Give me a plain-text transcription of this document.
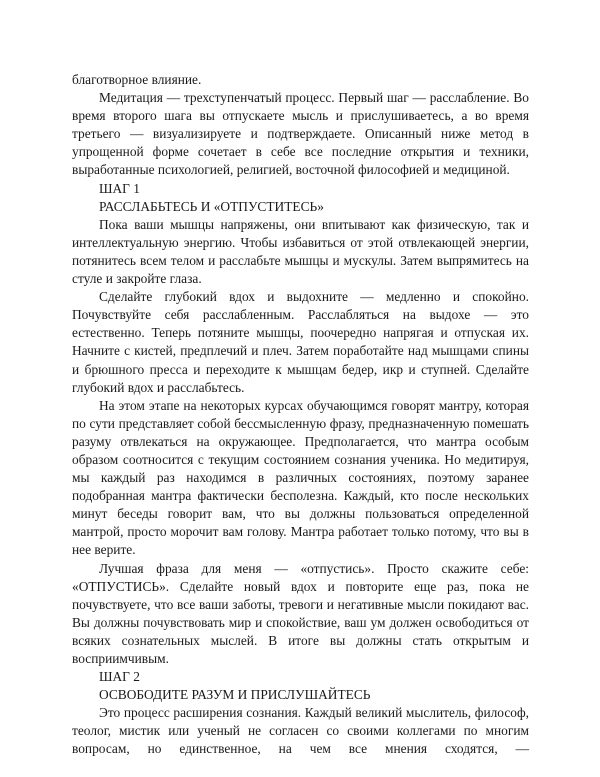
благотворное влияние.

Медитация — трехступенчатый процесс. Первый шаг — расслабление. Во время второго шага вы отпускаете мысль и прислушиваетесь, а во время третьего — визуализируете и подтверждаете. Описанный ниже метод в упрощенной форме сочетает в себе все последние открытия и техники, выработанные психологией, религией, восточной философией и медициной.

ШАГ 1

РАССЛАБЬТЕСЬ И «ОТПУСТИТЕСЬ»

Пока ваши мышцы напряжены, они впитывают как физическую, так и интеллектуальную энергию. Чтобы избавиться от этой отвлекающей энергии, потянитесь всем телом и расслабьте мышцы и мускулы. Затем выпрямитесь на стуле и закройте глаза.

Сделайте глубокий вдох и выдохните — медленно и спокойно. Почувствуйте себя расслабленным. Расслабляться на выдохе — это естественно. Теперь потяните мышцы, поочередно напрягая и отпуская их. Начните с кистей, предплечий и плеч. Затем поработайте над мышцами спины и брюшного пресса и переходите к мышцам бедер, икр и ступней. Сделайте глубокий вдох и расслабьтесь.

На этом этапе на некоторых курсах обучающимся говорят мантру, которая по сути представляет собой бессмысленную фразу, предназначенную помешать разуму отвлекаться на окружающее. Предполагается, что мантра особым образом соотносится с текущим состоянием сознания ученика. Но медитируя, мы каждый раз находимся в различных состояниях, поэтому заранее подобранная мантра фактически бесполезна. Каждый, кто после нескольких минут беседы говорит вам, что вы должны пользоваться определенной мантрой, просто морочит вам голову. Мантра работает только потому, что вы в нее верите.

Лучшая фраза для меня — «отпустись». Просто скажите себе: «ОТПУСТИСЬ». Сделайте новый вдох и повторите еще раз, пока не почувствуете, что все ваши заботы, тревоги и негативные мысли покидают вас. Вы должны почувствовать мир и спокойствие, ваш ум должен освободиться от всяких сознательных мыслей. В итоге вы должны стать открытым и восприимчивым.

ШАГ 2

ОСВОБОДИТЕ РАЗУМ И ПРИСЛУШАЙТЕСЬ

Это процесс расширения сознания. Каждый великий мыслитель, философ, теолог, мистик или ученый не согласен со своими коллегами по многим вопросам, но единственное, на чем все мнения сходятся, —
